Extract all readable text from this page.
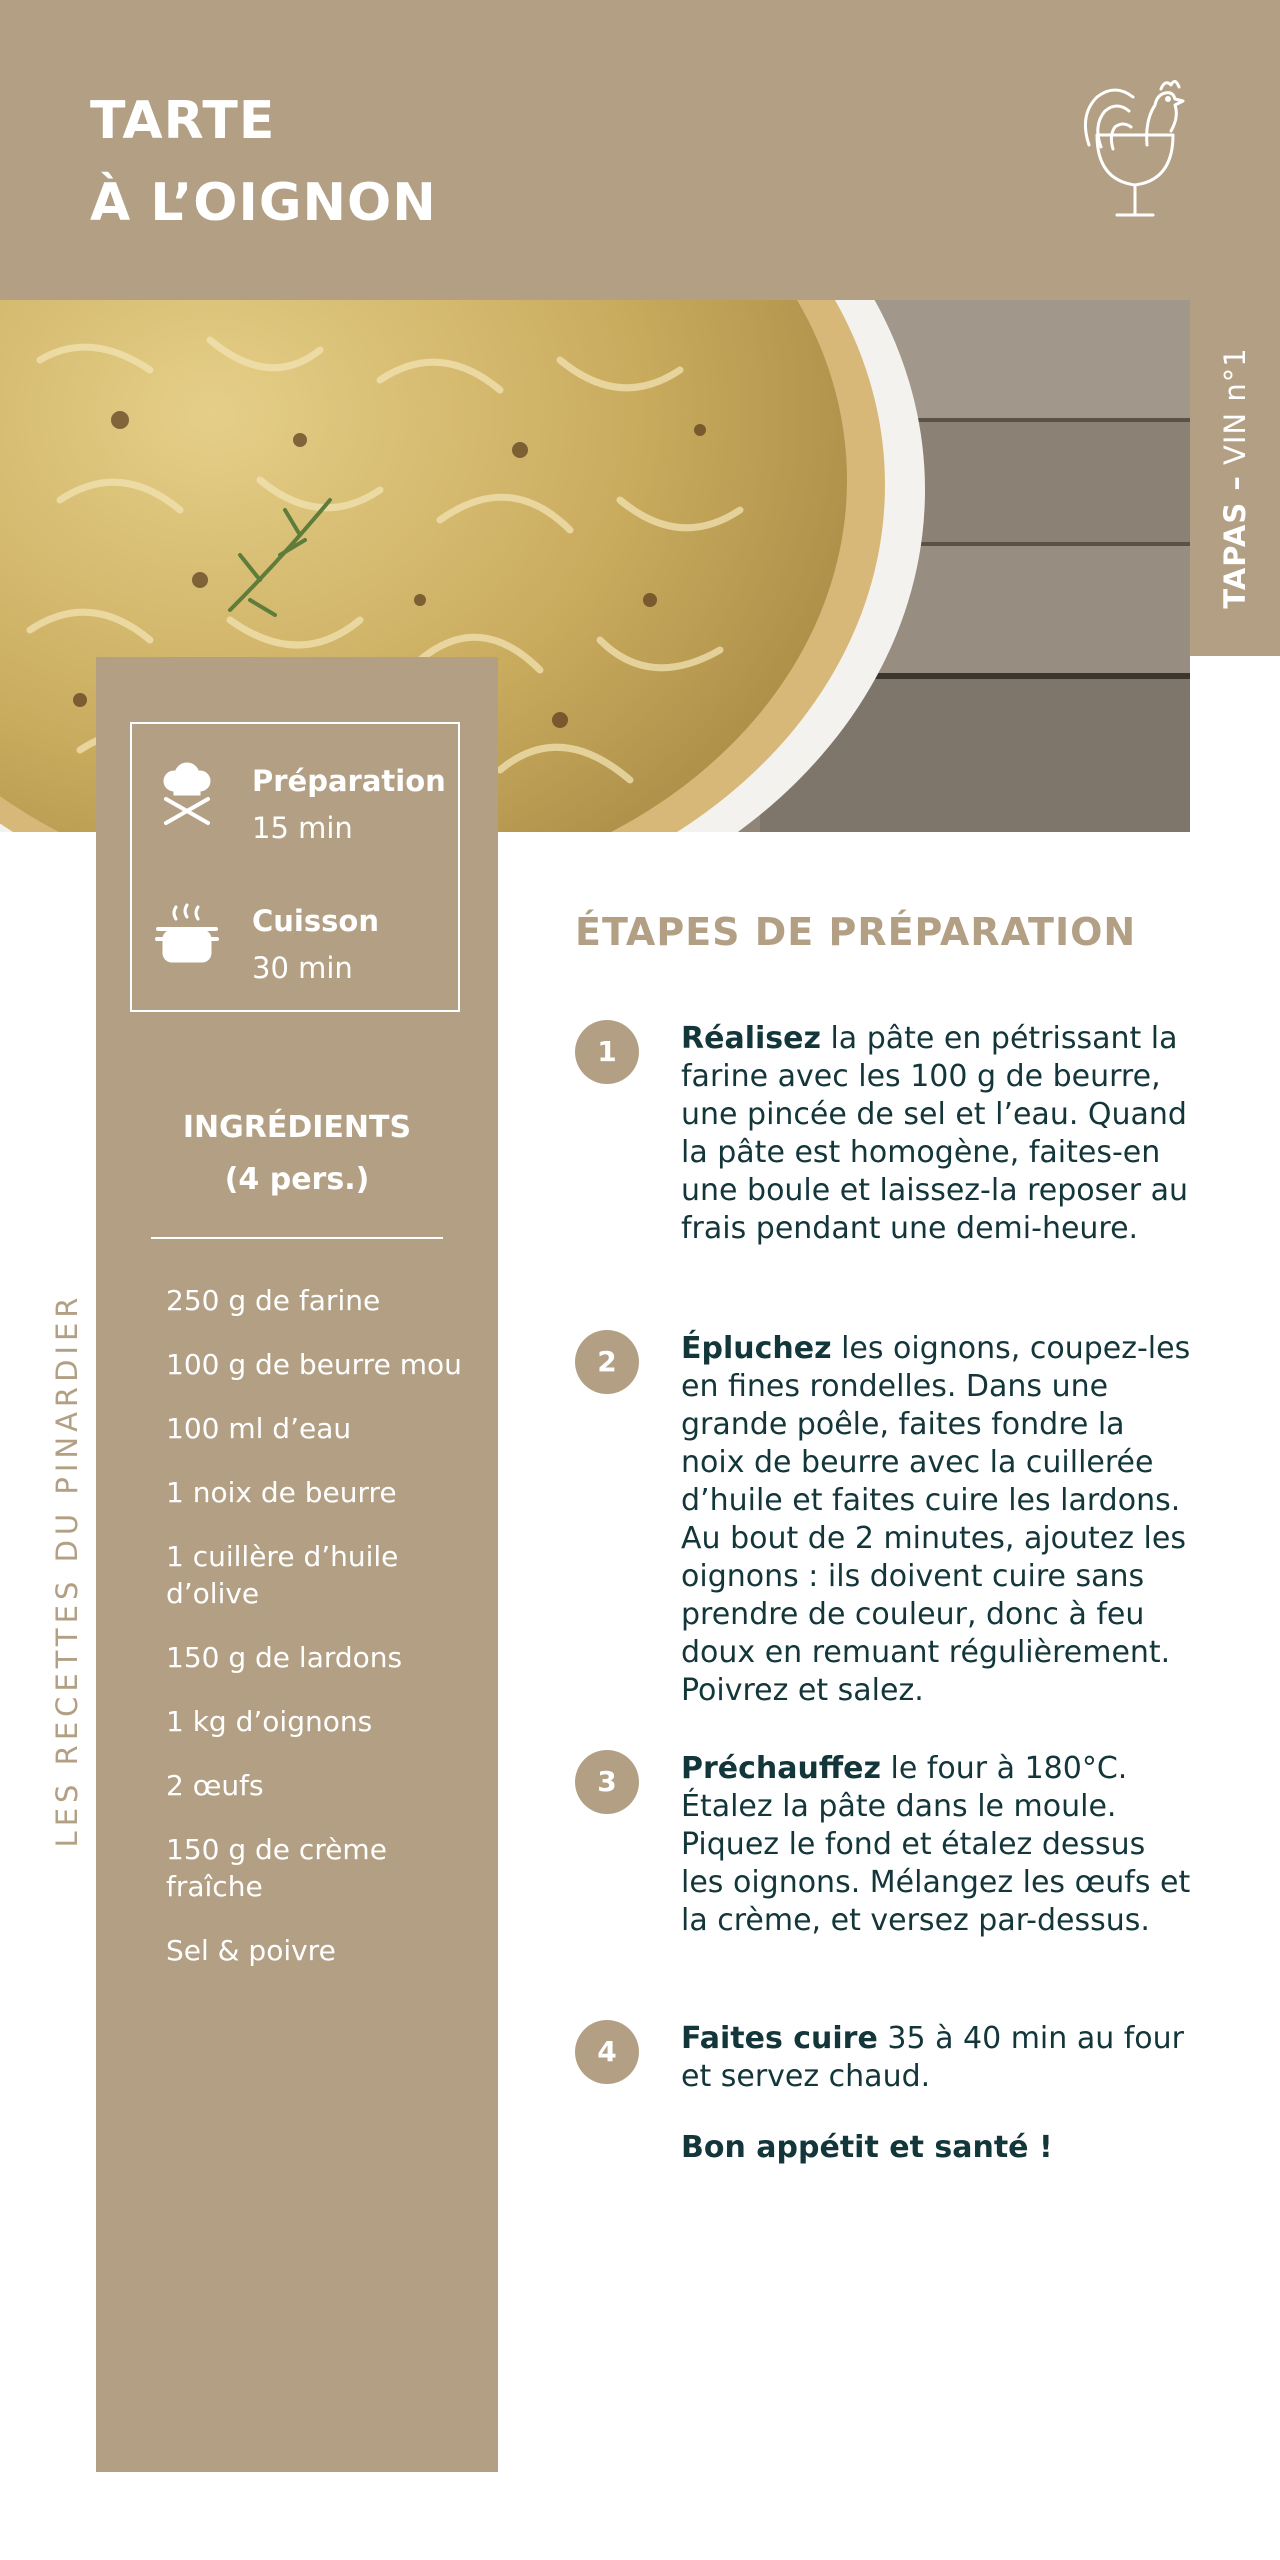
TARTE
À L’OIGNON
TAPAS – VIN n°1
LES RECETTES DU PINARDIER
Préparation
15 min
Cuisson
30 min
INGRÉDIENTS
(4 pers.)
250 g de farine
100 g de beurre mou
100 ml d’eau
1 noix de beurre
1 cuillère d’huile d’olive
150 g de lardons
1 kg d’oignons
2 œufs
150 g de crème fraîche
Sel & poivre
ÉTAPES DE PRÉPARATION
1	Réalisez la pâte en pétrissant la farine avec les 100 g de beurre, une pincée de sel et l’eau. Quand la pâte est homogène, faites-en une boule et laissez-la reposer au frais pendant une demi-heure.
2	Épluchez les oignons, coupez-les en fines rondelles. Dans une grande poêle, faites fondre la noix de beurre avec la cuillerée d’huile et faites cuire les lardons. Au bout de 2 minutes, ajoutez les oignons : ils doivent cuire sans prendre de couleur, donc à feu doux en remuant régulièrement. Poivrez et salez.
3	Préchauffez le four à 180°C. Étalez la pâte dans le moule. Piquez le fond et étalez dessus les oignons. Mélangez les œufs et la crème, et versez par-dessus.
4	Faites cuire 35 à 40 min au four et servez chaud.
Bon appétit et santé !
